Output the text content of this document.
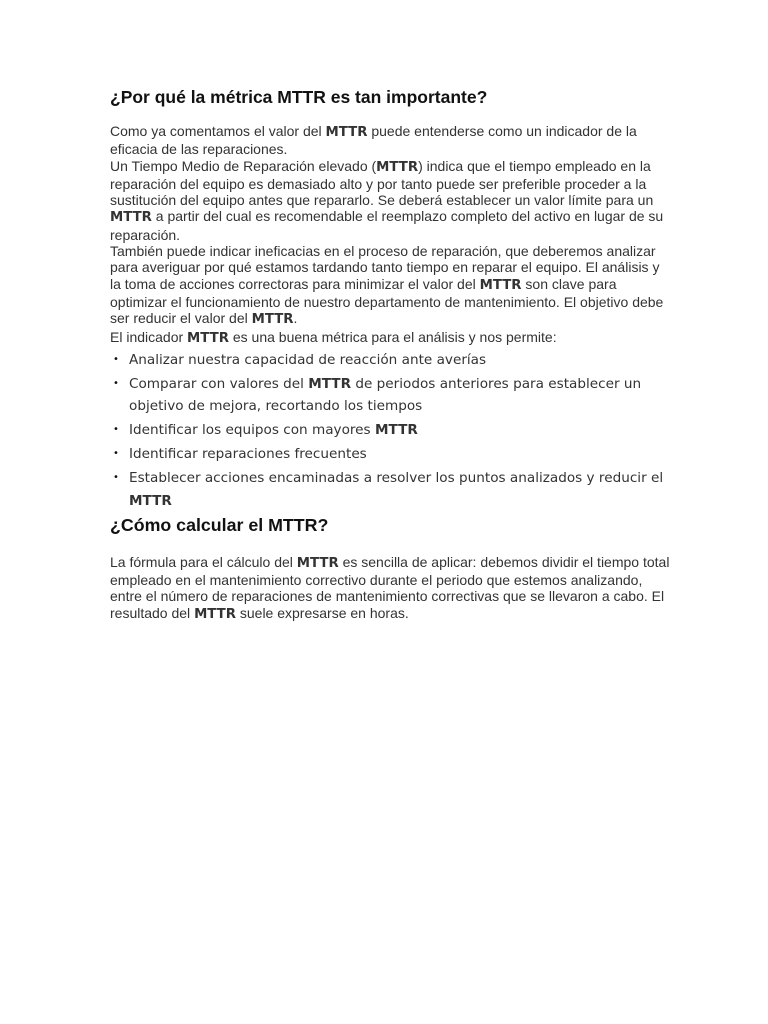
¿Por qué la métrica MTTR es tan importante?

Como ya comentamos el valor del MTTR puede entenderse como un indicador de la eficacia de las reparaciones.

Un Tiempo Medio de Reparación elevado (MTTR) indica que el tiempo empleado en la reparación del equipo es demasiado alto y por tanto puede ser preferible proceder a la sustitución del equipo antes que repararlo. Se deberá establecer un valor límite para un MTTR a partir del cual es recomendable el reemplazo completo del activo en lugar de su reparación.

También puede indicar ineficacias en el proceso de reparación, que deberemos analizar para averiguar por qué estamos tardando tanto tiempo en reparar el equipo. El análisis y la toma de acciones correctoras para minimizar el valor del MTTR son clave para optimizar el funcionamiento de nuestro departamento de mantenimiento. El objetivo debe ser reducir el valor del MTTR.

El indicador MTTR es una buena métrica para el análisis y nos permite:

• Analizar nuestra capacidad de reacción ante averías
• Comparar con valores del MTTR de periodos anteriores para establecer un objetivo de mejora, recortando los tiempos
• Identificar los equipos con mayores MTTR
• Identificar reparaciones frecuentes
• Establecer acciones encaminadas a resolver los puntos analizados y reducir el MTTR
¿Cómo calcular el MTTR?

La fórmula para el cálculo del MTTR es sencilla de aplicar: debemos dividir el tiempo total empleado en el mantenimiento correctivo durante el periodo que estemos analizando, entre el número de reparaciones de mantenimiento correctivas que se llevaron a cabo. El resultado del MTTR suele expresarse en horas.
